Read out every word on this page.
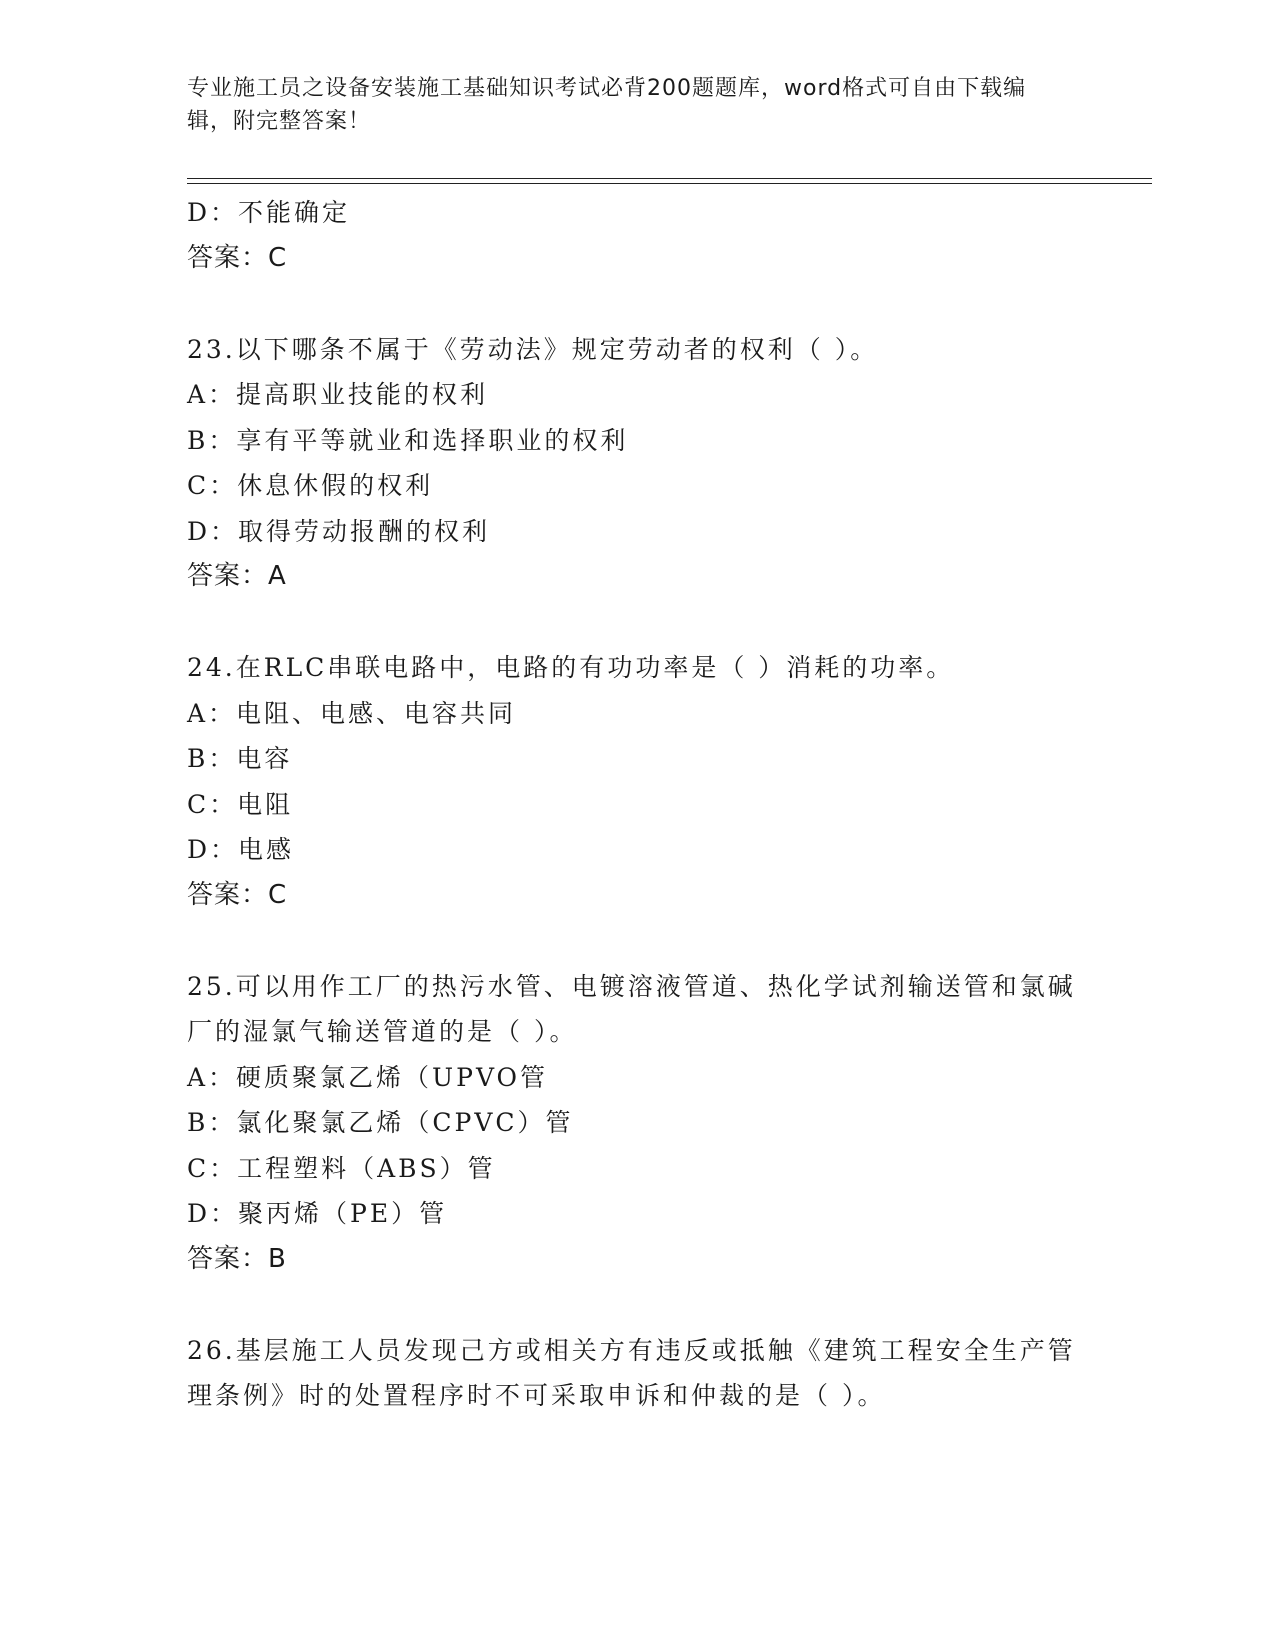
专业施工员之设备安装施工基础知识考试必背200题题库，word格式可自由下载编辑，附完整答案！
D：不能确定
答案：C
23.以下哪条不属于《劳动法》规定劳动者的权利（ ）。
A：提高职业技能的权利
B：享有平等就业和选择职业的权利
C：休息休假的权利
D：取得劳动报酬的权利
答案：A
24.在RLC串联电路中，电路的有功功率是（ ）消耗的功率。
A：电阻、电感、电容共同
B：电容
C：电阻
D：电感
答案：C
25.可以用作工厂的热污水管、电镀溶液管道、热化学试剂输送管和氯碱厂的湿氯气输送管道的是（ ）。
A：硬质聚氯乙烯（UPVO管
B：氯化聚氯乙烯（CPVC）管
C：工程塑料（ABS）管
D：聚丙烯（PE）管
答案：B
26.基层施工人员发现己方或相关方有违反或抵触《建筑工程安全生产管理条例》时的处置程序时不可采取申诉和仲裁的是（ ）。
